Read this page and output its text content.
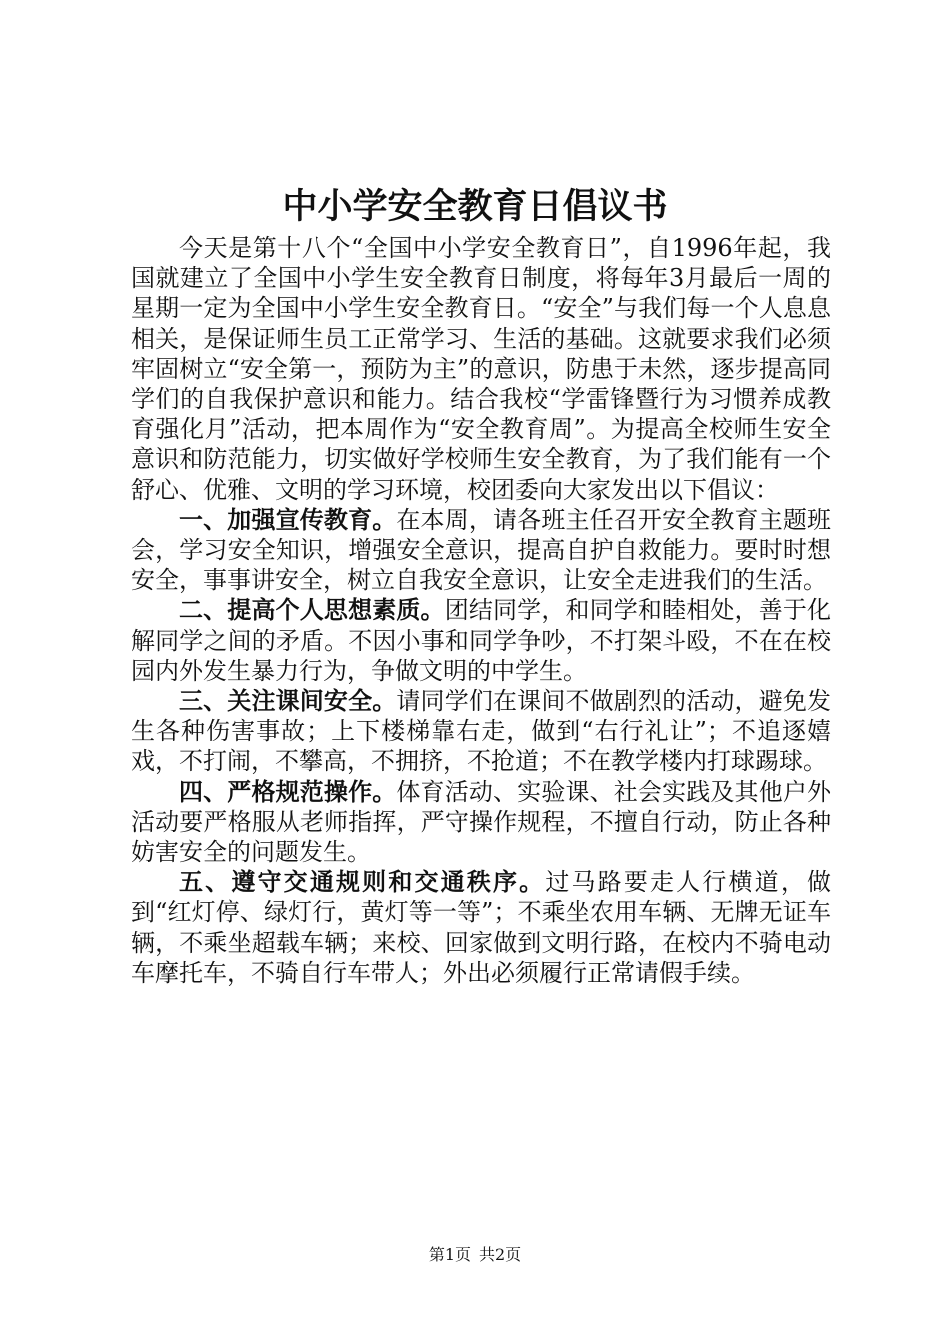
中小学安全教育日倡议书

今天是第十八个“全国中小学安全教育日”，自1996年起，我国就建立了全国中小学生安全教育日制度，将每年3月最后一周的星期一定为全国中小学生安全教育日。“安全”与我们每一个人息息相关，是保证师生员工正常学习、生活的基础。这就要求我们必须牢固树立“安全第一，预防为主”的意识，防患于未然，逐步提高同学们的自我保护意识和能力。结合我校“学雷锋暨行为习惯养成教育强化月”活动，把本周作为“安全教育周”。为提高全校师生安全意识和防范能力，切实做好学校师生安全教育，为了我们能有一个舒心、优雅、文明的学习环境，校团委向大家发出以下倡议：

一、加强宣传教育。在本周，请各班主任召开安全教育主题班会，学习安全知识，增强安全意识，提高自护自救能力。要时时想安全，事事讲安全，树立自我安全意识，让安全走进我们的生活。

二、提高个人思想素质。团结同学，和同学和睦相处，善于化解同学之间的矛盾。不因小事和同学争吵，不打架斗殴，不在在校园内外发生暴力行为，争做文明的中学生。

三、关注课间安全。请同学们在课间不做剧烈的活动，避免发生各种伤害事故；上下楼梯靠右走，做到“右行礼让”；不追逐嬉戏，不打闹，不攀高，不拥挤，不抢道；不在教学楼内打球踢球。

四、严格规范操作。体育活动、实验课、社会实践及其他户外活动要严格服从老师指挥，严守操作规程，不擅自行动，防止各种妨害安全的问题发生。

五、遵守交通规则和交通秩序。过马路要走人行横道，做到“红灯停、绿灯行，黄灯等一等”；不乘坐农用车辆、无牌无证车辆，不乘坐超载车辆；来校、回家做到文明行路，在校内不骑电动车摩托车，不骑自行车带人；外出必须履行正常请假手续。

第1页 共2页
